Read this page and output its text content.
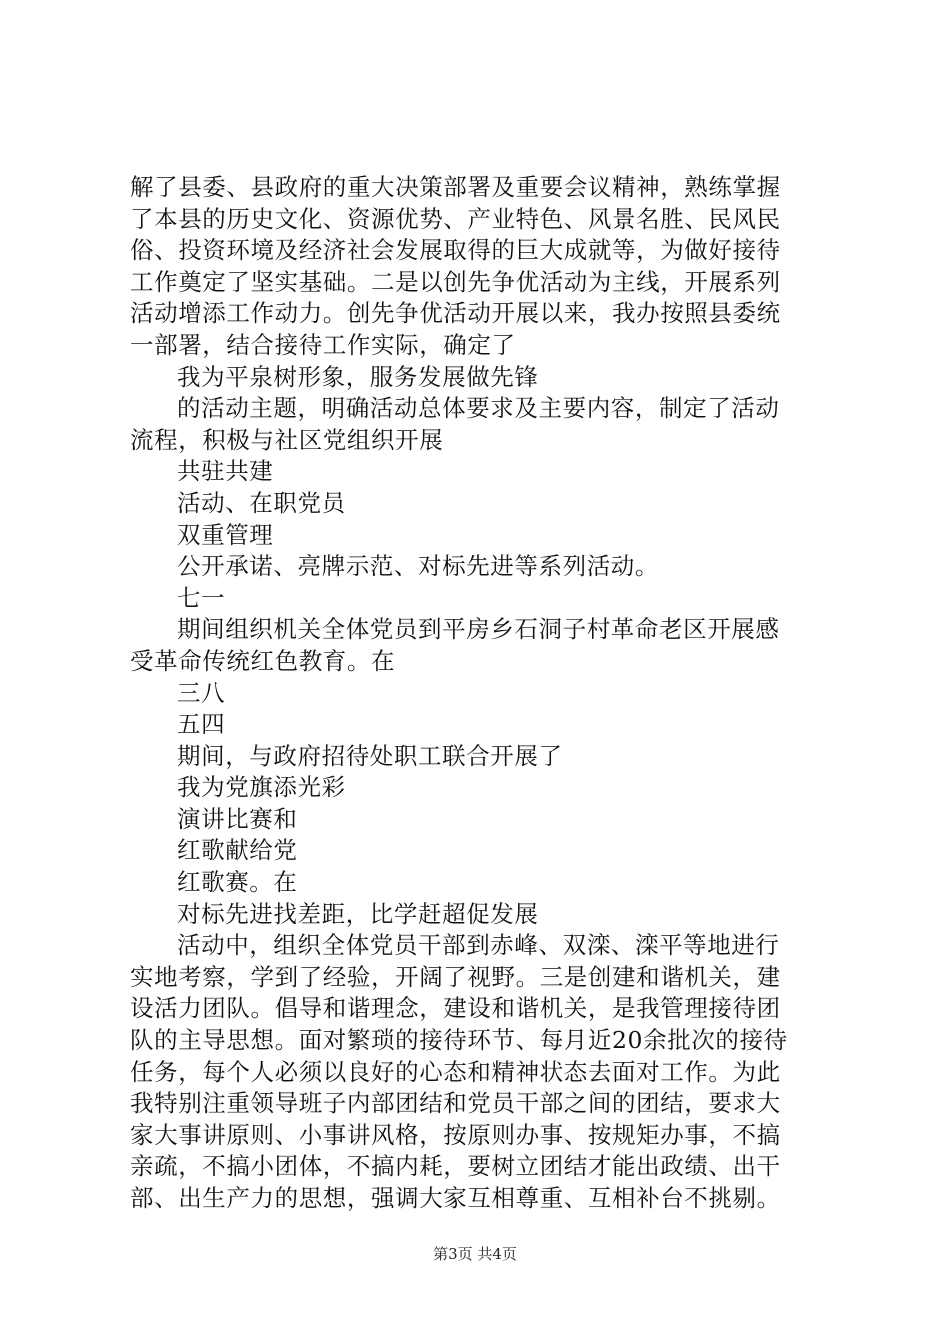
解了县委、县政府的重大决策部署及重要会议精神，熟练掌握
了本县的历史文化、资源优势、产业特色、风景名胜、民风民
俗、投资环境及经济社会发展取得的巨大成就等，为做好接待
工作奠定了坚实基础。二是以创先争优活动为主线，开展系列
活动增添工作动力。创先争优活动开展以来，我办按照县委统
一部署，结合接待工作实际，确定了
我为平泉树形象，服务发展做先锋
的活动主题，明确活动总体要求及主要内容，制定了活动
流程，积极与社区党组织开展
共驻共建
活动、在职党员
双重管理
公开承诺、亮牌示范、对标先进等系列活动。
七一
期间组织机关全体党员到平房乡石洞子村革命老区开展感
受革命传统红色教育。在
三八
五四
期间，与政府招待处职工联合开展了
我为党旗添光彩
演讲比赛和
红歌献给党
红歌赛。在
对标先进找差距，比学赶超促发展
活动中，组织全体党员干部到赤峰、双滦、滦平等地进行
实地考察，学到了经验，开阔了视野。三是创建和谐机关，建
设活力团队。倡导和谐理念，建设和谐机关，是我管理接待团
队的主导思想。面对繁琐的接待环节、每月近20余批次的接待
任务，每个人必须以良好的心态和精神状态去面对工作。为此
我特别注重领导班子内部团结和党员干部之间的团结，要求大
家大事讲原则、小事讲风格，按原则办事、按规矩办事，不搞
亲疏，不搞小团体，不搞内耗，要树立团结才能出政绩、出干
部、出生产力的思想，强调大家互相尊重、互相补台不挑剔。
第3页 共4页
